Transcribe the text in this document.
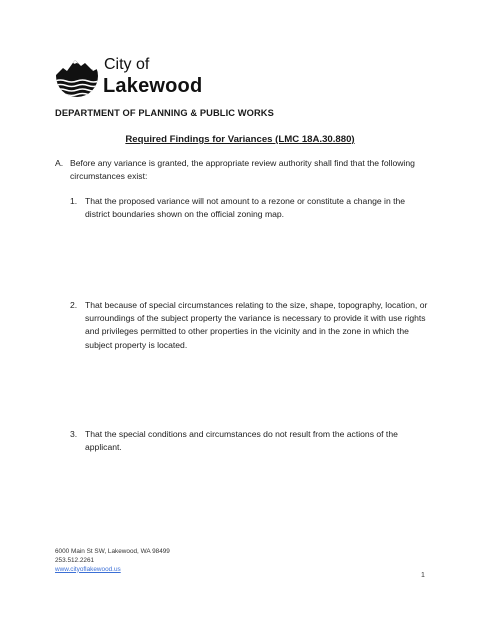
City of
Lakewood
DEPARTMENT OF PLANNING & PUBLIC WORKS
Required Findings for Variances (LMC 18A.30.880)
A. Before any variance is granted, the appropriate review authority shall find that the following circumstances exist:
1. That the proposed variance will not amount to a rezone or constitute a change in the district boundaries shown on the official zoning map.
2. That because of special circumstances relating to the size, shape, topography, location, or surroundings of the subject property the variance is necessary to provide it with use rights and privileges permitted to other properties in the vicinity and in the zone in which the subject property is located.
3. That the special conditions and circumstances do not result from the actions of the applicant.
6000 Main St SW, Lakewood, WA 98499
253.512.2261
www.cityoflakewood.us
1
